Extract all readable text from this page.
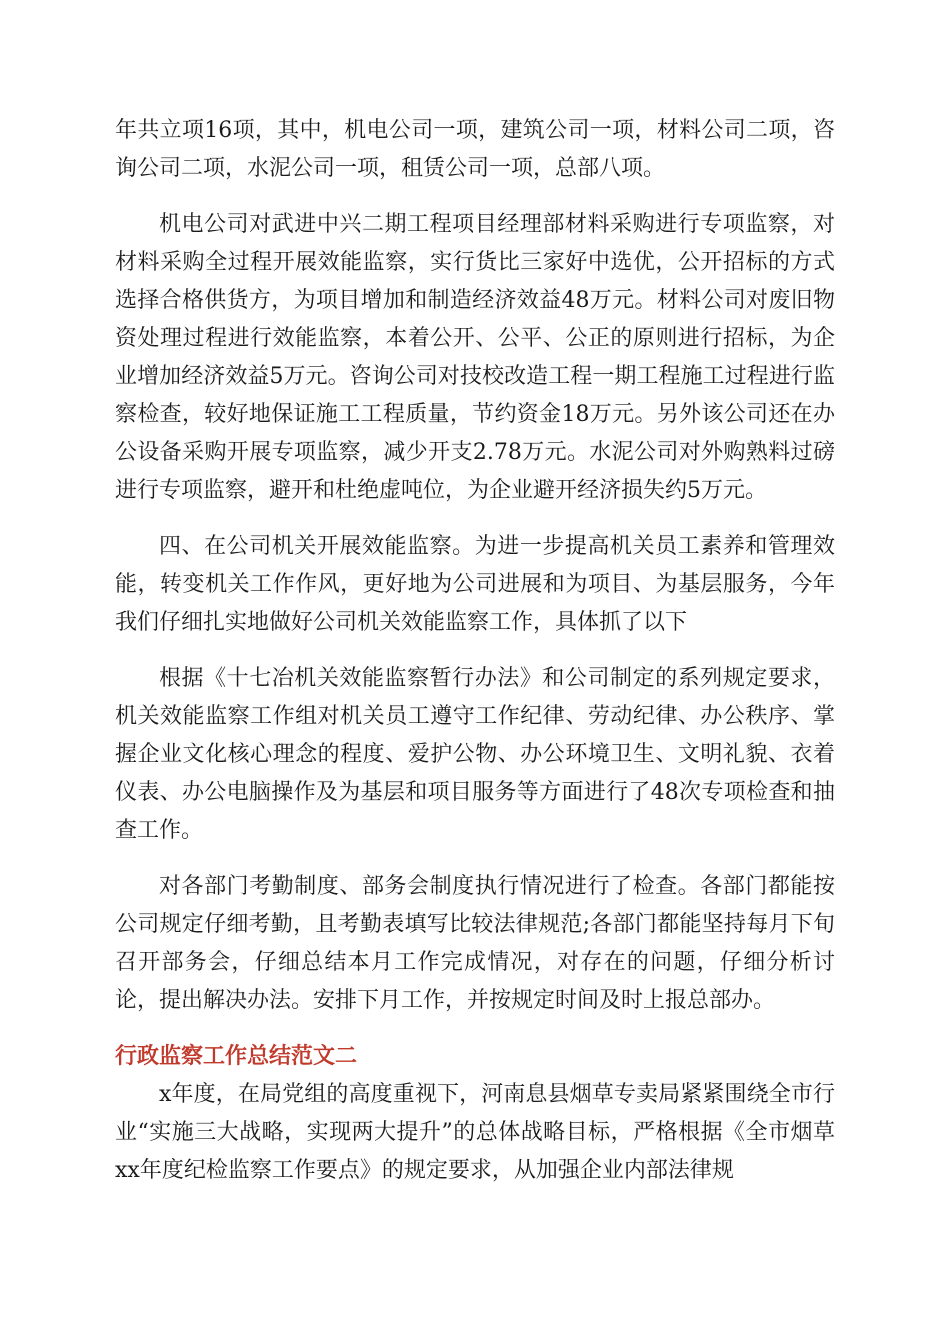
年共立项16项，其中，机电公司一项，建筑公司一项，材料公司二项，咨询公司二项，水泥公司一项，租赁公司一项，总部八项。

机电公司对武进中兴二期工程项目经理部材料采购进行专项监察，对材料采购全过程开展效能监察，实行货比三家好中选优，公开招标的方式选择合格供货方，为项目增加和制造经济效益48万元。材料公司对废旧物资处理过程进行效能监察，本着公开、公平、公正的原则进行招标，为企业增加经济效益5万元。咨询公司对技校改造工程一期工程施工过程进行监察检查，较好地保证施工工程质量，节约资金18万元。另外该公司还在办公设备采购开展专项监察，减少开支2.78万元。水泥公司对外购熟料过磅进行专项监察，避开和杜绝虚吨位，为企业避开经济损失约5万元。

四、在公司机关开展效能监察。为进一步提高机关员工素养和管理效能，转变机关工作作风，更好地为公司进展和为项目、为基层服务，今年我们仔细扎实地做好公司机关效能监察工作，具体抓了以下

根据《十七冶机关效能监察暂行办法》和公司制定的系列规定要求，机关效能监察工作组对机关员工遵守工作纪律、劳动纪律、办公秩序、掌握企业文化核心理念的程度、爱护公物、办公环境卫生、文明礼貌、衣着仪表、办公电脑操作及为基层和项目服务等方面进行了48次专项检查和抽查工作。

对各部门考勤制度、部务会制度执行情况进行了检查。各部门都能按公司规定仔细考勤，且考勤表填写比较法律规范;各部门都能坚持每月下旬召开部务会，仔细总结本月工作完成情况，对存在的问题，仔细分析讨论，提出解决办法。安排下月工作，并按规定时间及时上报总部办。

行政监察工作总结范文二

x年度，在局党组的高度重视下，河南息县烟草专卖局紧紧围绕全市行业“实施三大战略，实现两大提升”的总体战略目标，严格根据《全市烟草xx年度纪检监察工作要点》的规定要求，从加强企业内部法律规
